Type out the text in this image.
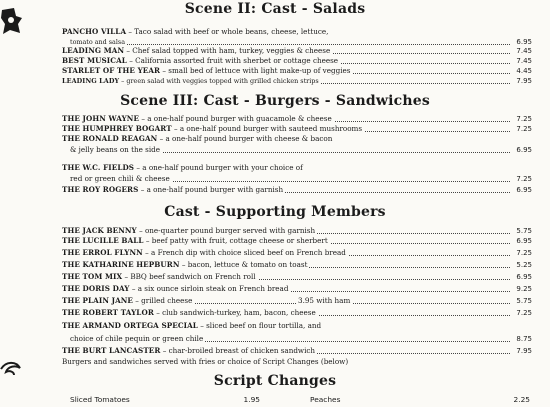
Scene II: Cast - Salads
PANCHO VILLA – Taco salad with beef or whole beans, cheese, lettuce,
tomato and salsa	6.95
LEADING MAN – Chef salad topped with ham, turkey, veggies & cheese	7.45
BEST MUSICAL – California assorted fruit with sherbet or cottage cheese	7.45
STARLET OF THE YEAR – small bed of lettuce with light make-up of veggies	4.45
LEADING LADY – green salad with veggies topped with grilled chicken strips	7.95
Scene III: Cast - Burgers - Sandwiches
THE JOHN WAYNE – a one-half pound burger with guacamole & cheese	7.25
THE HUMPHREY BOGART – a one-half pound burger with sauteed mushrooms	7.25
THE RONALD REAGAN – a one-half pound burger with cheese & bacon
& jelly beans on the side	6.95
THE W.C. FIELDS – a one-half pound burger with your choice of
red or green chili & cheese	7.25
THE ROY ROGERS – a one-half pound burger with garnish	6.95
Cast - Supporting Members
THE JACK BENNY – one-quarter pound burger served with garnish	5.75
THE LUCILLE BALL – beef patty with fruit, cottage cheese or sherbert	6.95
THE ERROL FLYNN – a French dip with choice sliced beef on French bread	7.25
THE KATHARINE HEPBURN – bacon, lettuce & tomato on toast	5.25
THE TOM MIX – BBQ beef sandwich on French roll	6.95
THE DORIS DAY – a six ounce sirloin steak on French bread	9.25
THE PLAIN JANE – grilled cheese	3.95 with ham	5.75
THE ROBERT TAYLOR – club sandwich-turkey, ham, bacon, cheese	7.25
THE ARMAND ORTEGA SPECIAL – sliced beef on flour tortilla, and
choice of chile pequin or green chile	8.75
THE BURT LANCASTER – char-broiled breast of chicken sandwich	7.95
Burgers and sandwiches served with fries or choice of Script Changes (below)
Script Changes
Sliced Tomatoes	1.95	Peaches	2.25
